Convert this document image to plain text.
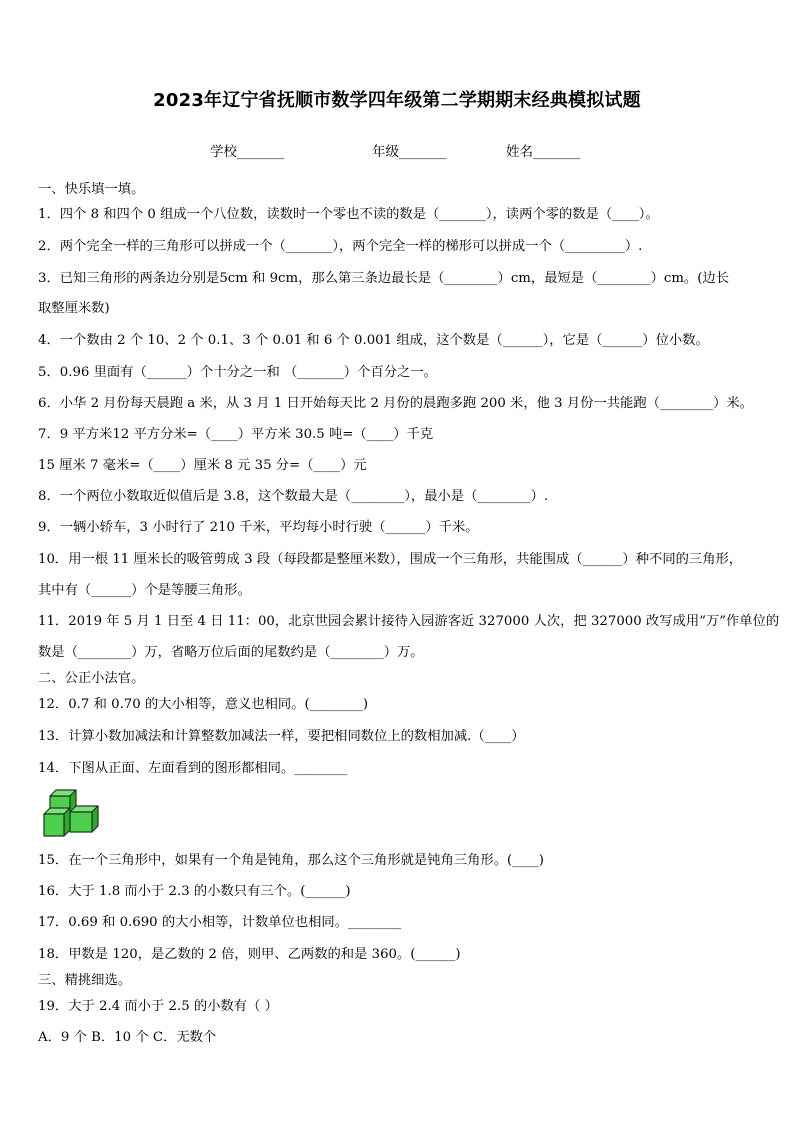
2023年辽宁省抚顺市数学四年级第二学期期末经典模拟试题
学校_______	年级_______	姓名_______
一、快乐填一填。
1．四个 8 和四个 0 组成一个八位数，读数时一个零也不读的数是（_______），读两个零的数是（____）。
2．两个完全一样的三角形可以拼成一个（_______），两个完全一样的梯形可以拼成一个（_________）.
3．已知三角形的两条边分别是5cm 和 9cm，那么第三条边最长是（________）cm，最短是（________）cm。(边长
取整厘米数)
4．一个数由 2 个 10、2 个 0.1、3 个 0.01 和 6 个 0.001 组成，这个数是（______），它是（______）位小数。
5．0.96 里面有（______）个十分之一和 （_______）个百分之一。
6．小华 2 月份每天晨跑 a 米，从 3 月 1 日开始每天比 2 月份的晨跑多跑 200 米，他 3 月份一共能跑（________）米。
7．9 平方米12 平方分米=（____）平方米 30.5 吨=（____）千克
15 厘米 7 毫米=（____）厘米 8 元 35 分=（____）元
8．一个两位小数取近似值后是 3.8，这个数最大是（________），最小是（________）.
9．一辆小轿车，3 小时行了 210 千米，平均每小时行驶（______）千米。
10．用一根 11 厘米长的吸管剪成 3 段（每段都是整厘米数），围成一个三角形，共能围成（______）种不同的三角形，
其中有（______）个是等腰三角形。
11．2019 年 5 月 1 日至 4 日 11：00，北京世园会累计接待入园游客近 327000 人次，把 327000 改写成用“万”作单位的
数是（________）万，省略万位后面的尾数约是（________）万。
二、公正小法官。
12．0.7 和 0.70 的大小相等，意义也相同。(________)
13．计算小数加减法和计算整数加减法一样，要把相同数位上的数相加减.（____）
14．下图从正面、左面看到的图形都相同。________
15．在一个三角形中，如果有一个角是钝角，那么这个三角形就是钝角三角形。(____)
16．大于 1.8 而小于 2.3 的小数只有三个。(______)
17．0.69 和 0.690 的大小相等，计数单位也相同。________
18．甲数是 120，是乙数的 2 倍，则甲、乙两数的和是 360。(______)
三、精挑细选。
19．大于 2.4 而小于 2.5 的小数有（ ）
A．9 个 B．10 个 C．无数个
